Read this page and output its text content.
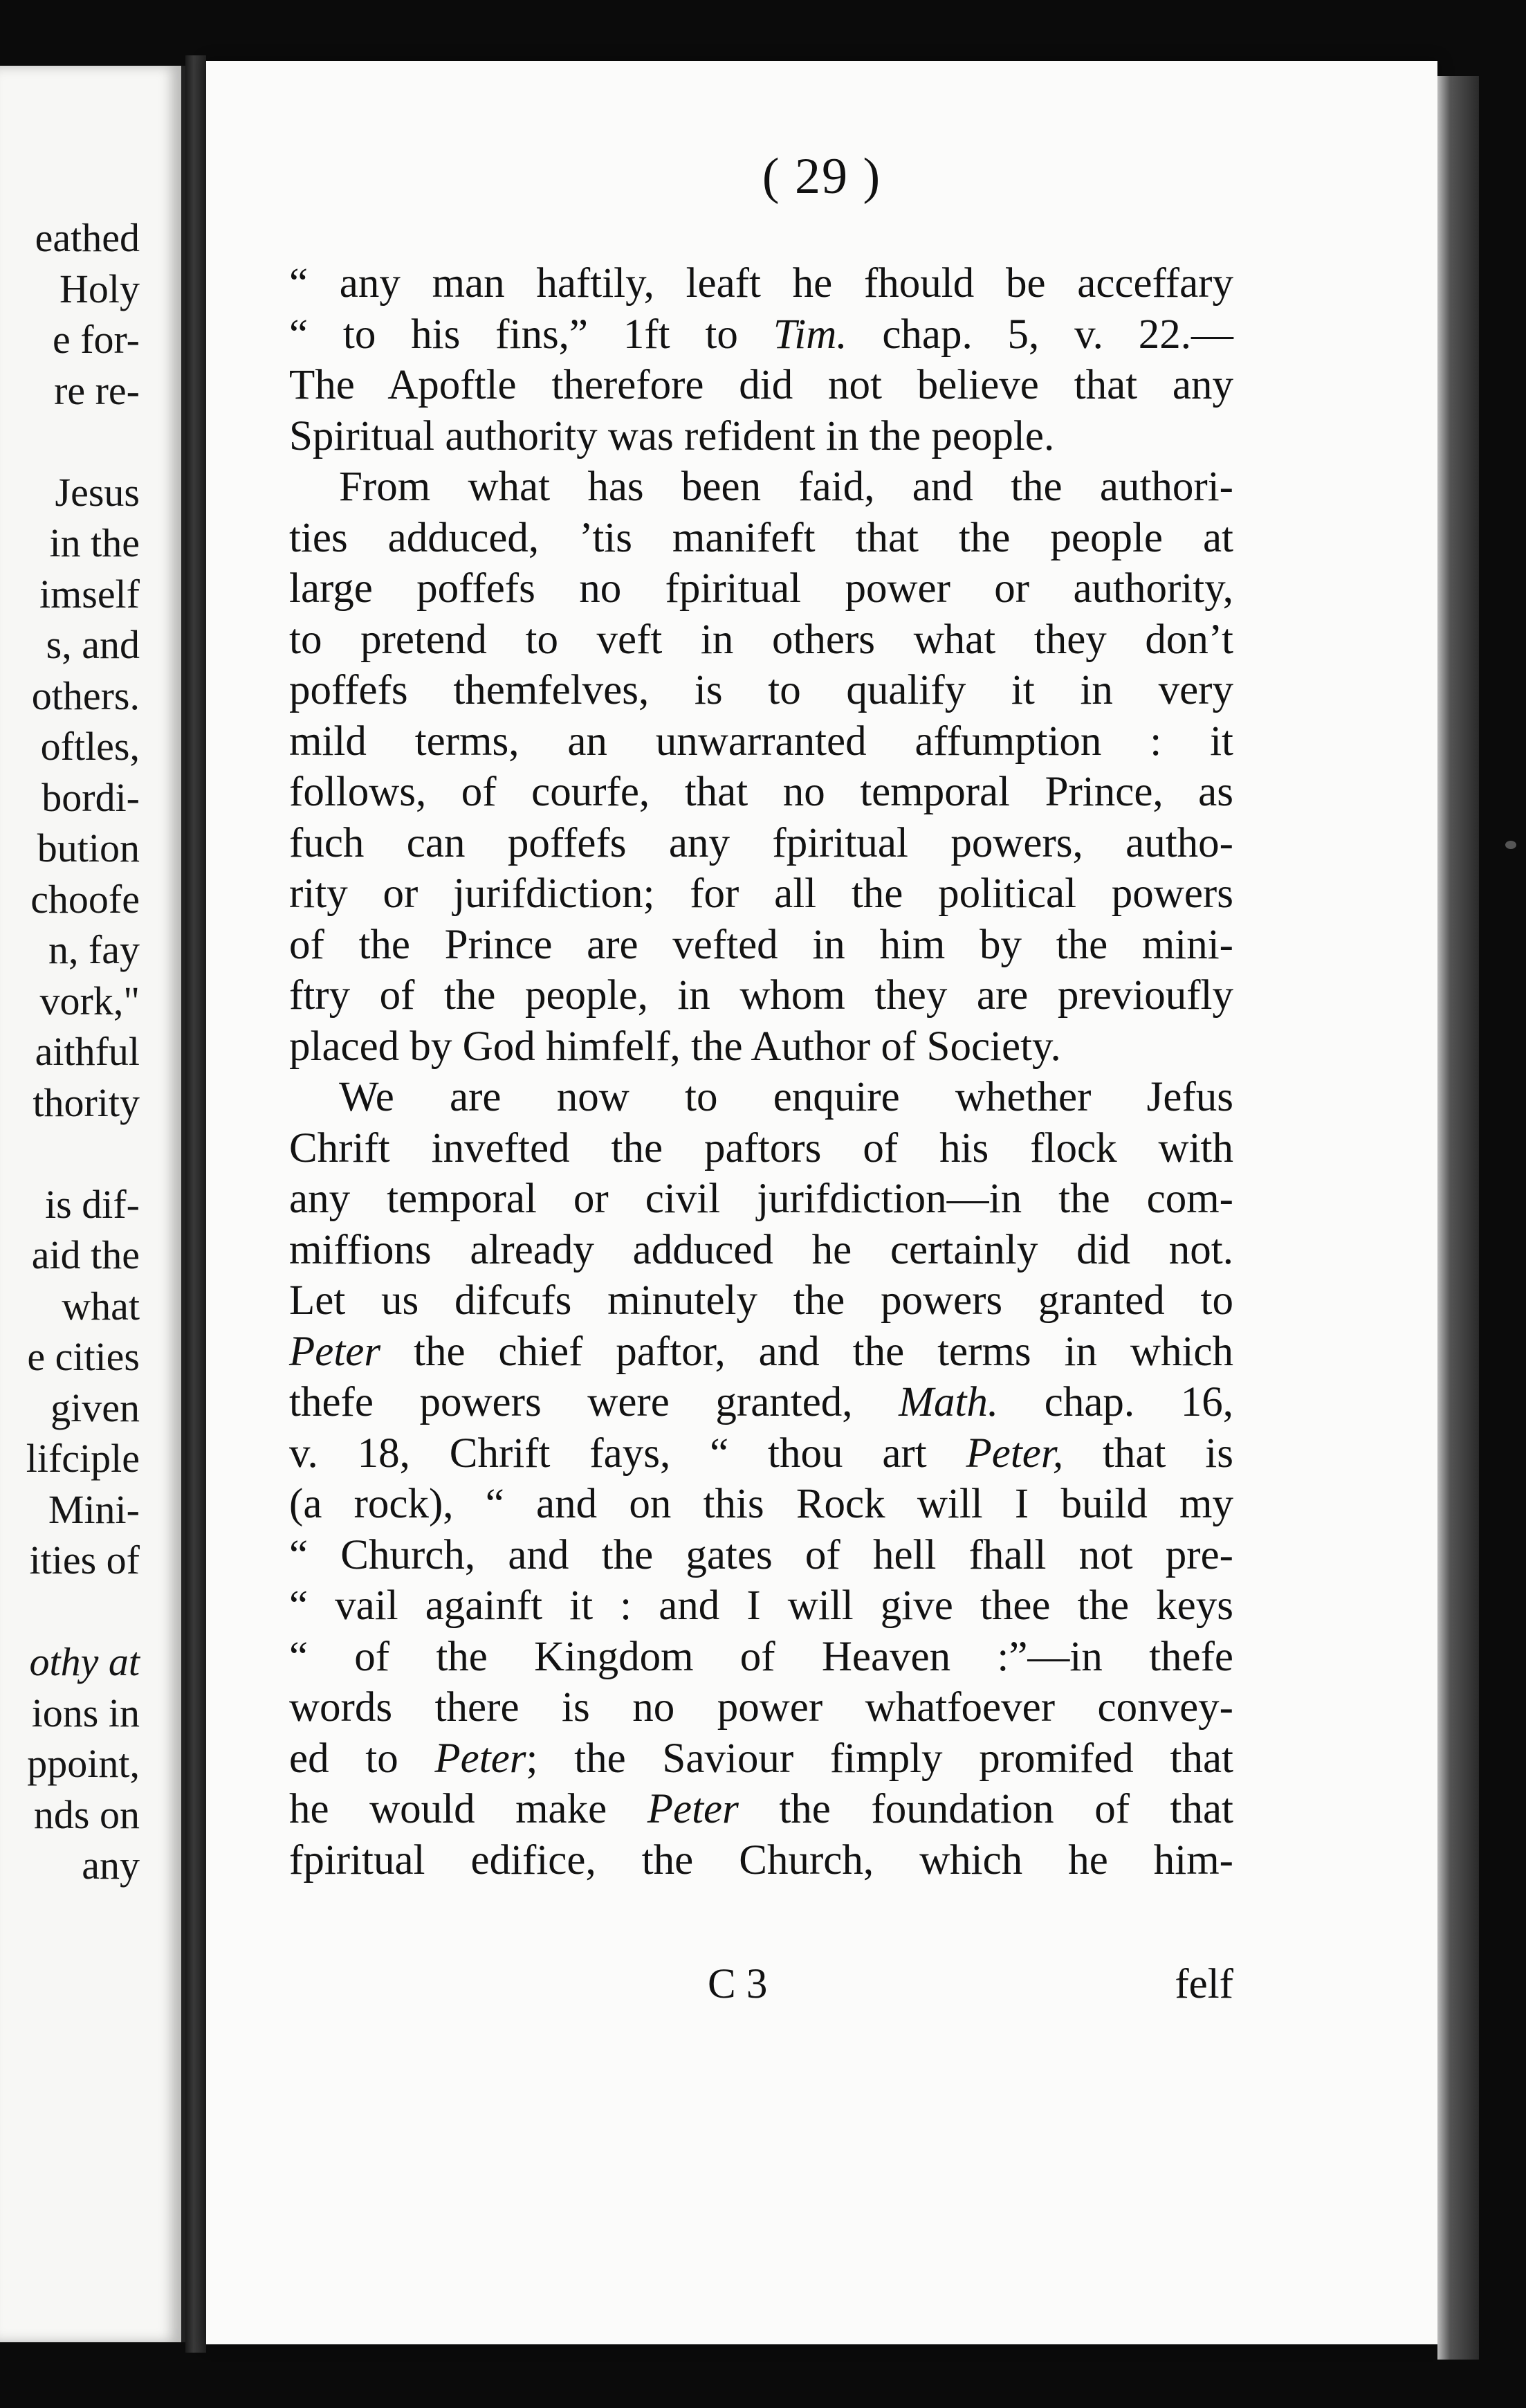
eathed
Holy
e for-
re re-
Jesus
in the
imself
s, and
others.
oftles,
bordi-
bution
choofe
n, fay
vork,"
aithful
thority
is dif-
aid the
what
e cities
given
lifciple
Mini-
ities of
othy at
ions in
ppoint,
nds on
any
( 29 )
“ any man haftily, leaft he fhould be acceffary
“ to his fins,” 1ft to Tim. chap. 5, v. 22.—
The Apoftle therefore did not believe that any
Spiritual authority was refident in the people.
From what has been faid, and the authori-
ties adduced, ’tis manifeft that the people at
large poffefs no fpiritual power or authority,
to pretend to veft in others what they don’t
poffefs themfelves, is to qualify it in very
mild terms, an unwarranted affumption : it
follows, of courfe, that no temporal Prince, as
fuch can poffefs any fpiritual powers, autho-
rity or jurifdiction; for all the political powers
of the Prince are vefted in him by the mini-
ftry of the people, in whom they are previoufly
placed by God himfelf, the Author of Society.
We are now to enquire whether Jefus
Chrift invefted the paftors of his flock with
any temporal or civil jurifdiction—in the com-
miffions already adduced he certainly did not.
Let us difcufs minutely the powers granted to
Peter the chief paftor, and the terms in which
thefe powers were granted, Math. chap. 16,
v. 18, Chrift fays, “ thou art Peter, that is
(a rock), “ and on this Rock will I build my
“ Church, and the gates of hell fhall not pre-
“ vail againft it : and I will give thee the keys
“ of the Kingdom of Heaven :”—in thefe
words there is no power whatfoever convey-
ed to Peter; the Saviour fimply promifed that
he would make Peter the foundation of that
fpiritual edifice, the Church, which he him-
C 3	felf
